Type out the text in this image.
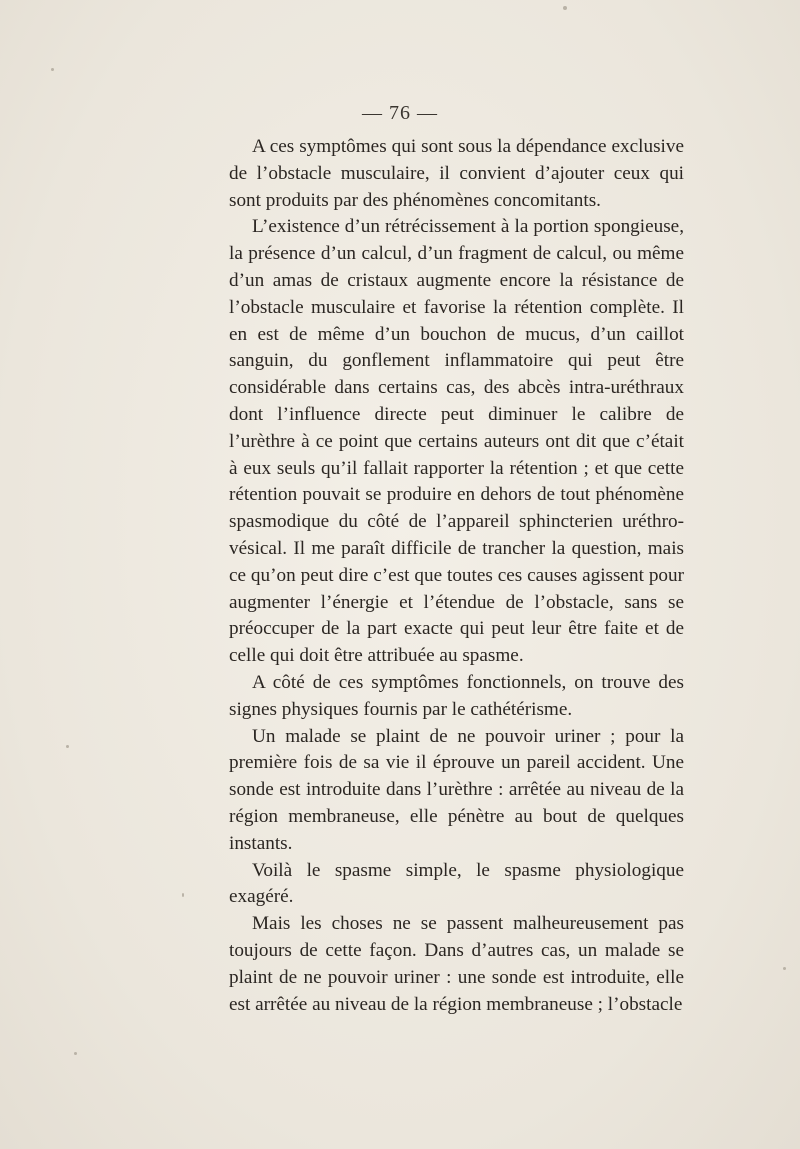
— 76 —

A ces symptômes qui sont sous la dépendance exclusive de l’obstacle musculaire, il convient d’ajouter ceux qui sont produits par des phénomènes concomitants.

L’existence d’un rétrécissement à la portion spongieuse, la présence d’un calcul, d’un fragment de calcul, ou même d’un amas de cristaux augmente encore la résistance de l’obstacle musculaire et favorise la rétention complète. Il en est de même d’un bouchon de mucus, d’un caillot sanguin, du gonflement inflammatoire qui peut être considérable dans certains cas, des abcès intra-uréthraux dont l’influence directe peut diminuer le calibre de l’urèthre à ce point que certains auteurs ont dit que c’était à eux seuls qu’il fallait rapporter la rétention ; et que cette rétention pouvait se produire en dehors de tout phénomène spasmodique du côté de l’appareil sphincterien uréthro-vésical. Il me paraît difficile de trancher la question, mais ce qu’on peut dire c’est que toutes ces causes agissent pour augmenter l’énergie et l’étendue de l’obstacle, sans se préoccuper de la part exacte qui peut leur être faite et de celle qui doit être attribuée au spasme.

A côté de ces symptômes fonctionnels, on trouve des signes physiques fournis par le cathétérisme.

Un malade se plaint de ne pouvoir uriner ; pour la première fois de sa vie il éprouve un pareil accident. Une sonde est introduite dans l’urèthre : arrêtée au niveau de la région membraneuse, elle pénètre au bout de quelques instants.

Voilà le spasme simple, le spasme physiologique exagéré.

Mais les choses ne se passent malheureusement pas toujours de cette façon. Dans d’autres cas, un malade se plaint de ne pouvoir uriner : une sonde est introduite, elle est arrêtée au niveau de la région membraneuse ; l’obstacle
